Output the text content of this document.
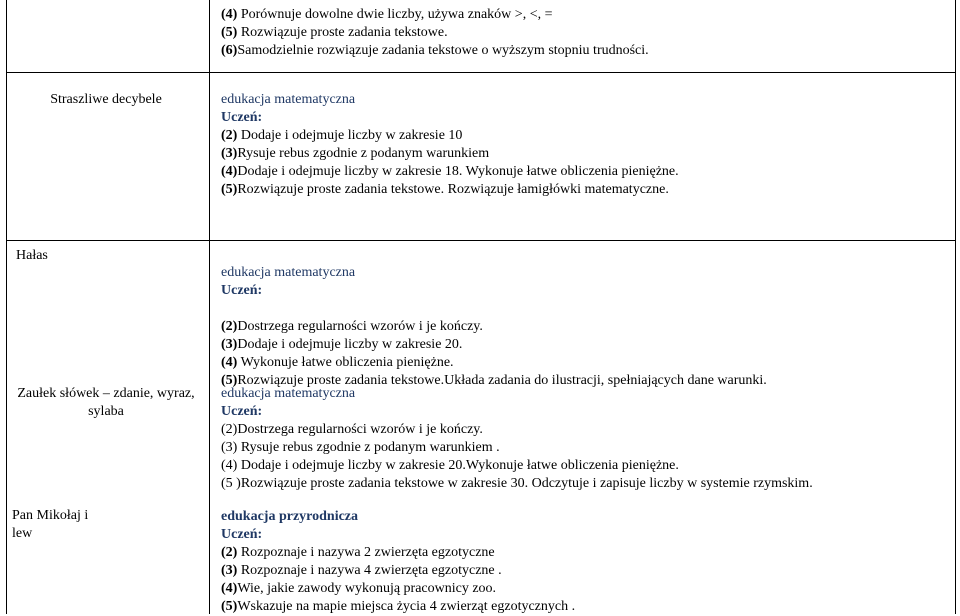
(4) Porównuje dowolne dwie liczby, używa znaków >, <, =

(5) Rozwiązuje proste zadania tekstowe.

(6)Samodzielnie rozwiązuje zadania tekstowe o wyższym stopniu trudności.

Straszliwe decybele	edukacja matematyczna

Uczeń:

(2) Dodaje i odejmuje liczby w zakresie 10

(3)Rysuje rebus zgodnie z podanym warunkiem

(4)Dodaje i odejmuje liczby w zakresie 18. Wykonuje łatwe obliczenia pieniężne.

(5)Rozwiązuje proste zadania tekstowe. Rozwiązuje łamigłówki matematyczne.

Hałas

edukacja matematyczna

Uczeń:

(2)Dostrzega regularności wzorów i je kończy.

(3)Dodaje i odejmuje liczby w zakresie 20.

(4) Wykonuje łatwe obliczenia pieniężne.

(5)Rozwiązuje proste zadania tekstowe.Układa zadania do ilustracji, spełniających dane warunki.

Zaułek słówek – zdanie, wyraz, sylaba

edukacja matematyczna

Uczeń:

(2)Dostrzega regularności wzorów i je kończy.

(3) Rysuje rebus zgodnie z podanym warunkiem .

(4) Dodaje i odejmuje liczby w zakresie 20.Wykonuje łatwe obliczenia pieniężne.

(5 )Rozwiązuje proste zadania tekstowe w zakresie 30. Odczytuje i zapisuje liczby w systemie rzymskim.

Pan Mikołaj i lew

edukacja przyrodnicza

Uczeń:

(2) Rozpoznaje i nazywa 2 zwierzęta egzotyczne

(3) Rozpoznaje i nazywa 4 zwierzęta egzotyczne .

(4)Wie, jakie zawody wykonują pracownicy zoo.

(5)Wskazuje na mapie miejsca życia 4 zwierząt egzotycznych .
